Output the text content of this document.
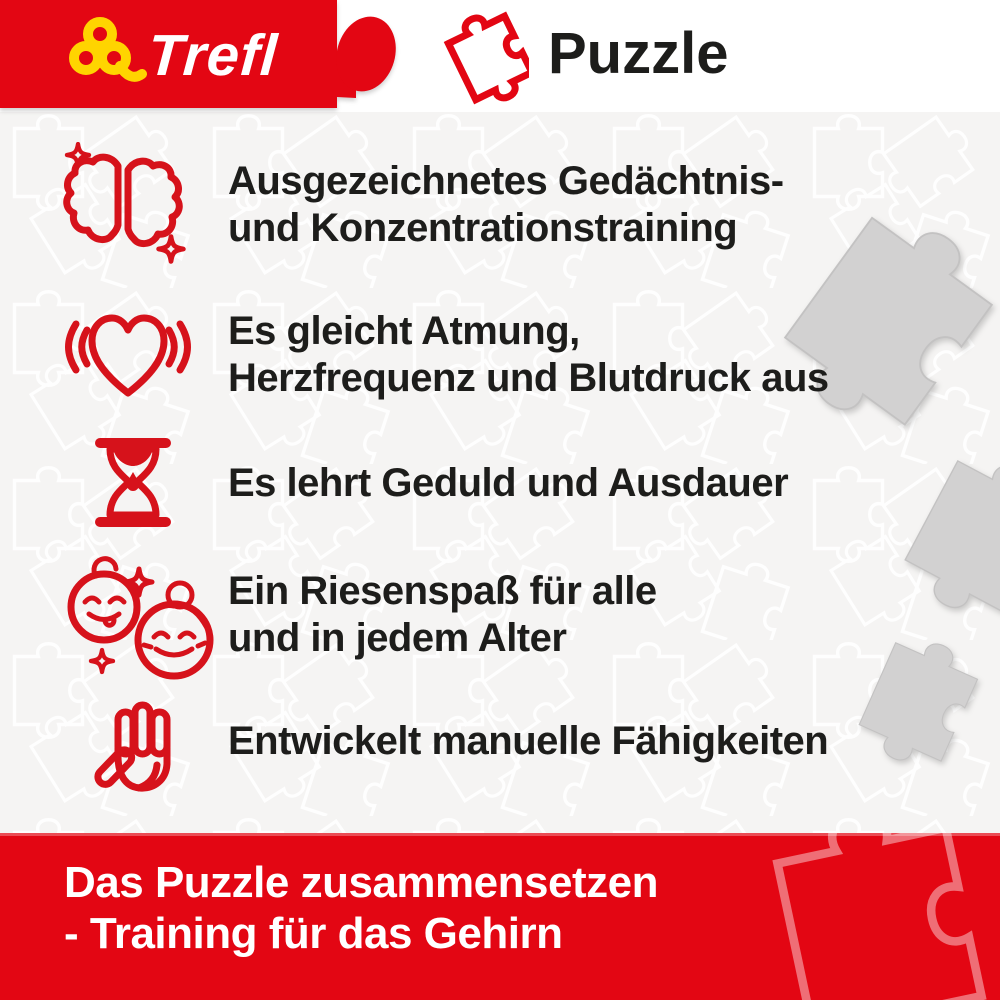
Trefl	Puzzle
Ausgezeichnetes Gedächtnis-
und Konzentrationstraining
Es gleicht Atmung,
Herzfrequenz und Blutdruck aus
Es lehrt Geduld und Ausdauer
Ein Riesenspaß für alle
und in jedem Alter
Entwickelt manuelle Fähigkeiten
Das Puzzle zusammensetzen
- Training für das Gehirn
